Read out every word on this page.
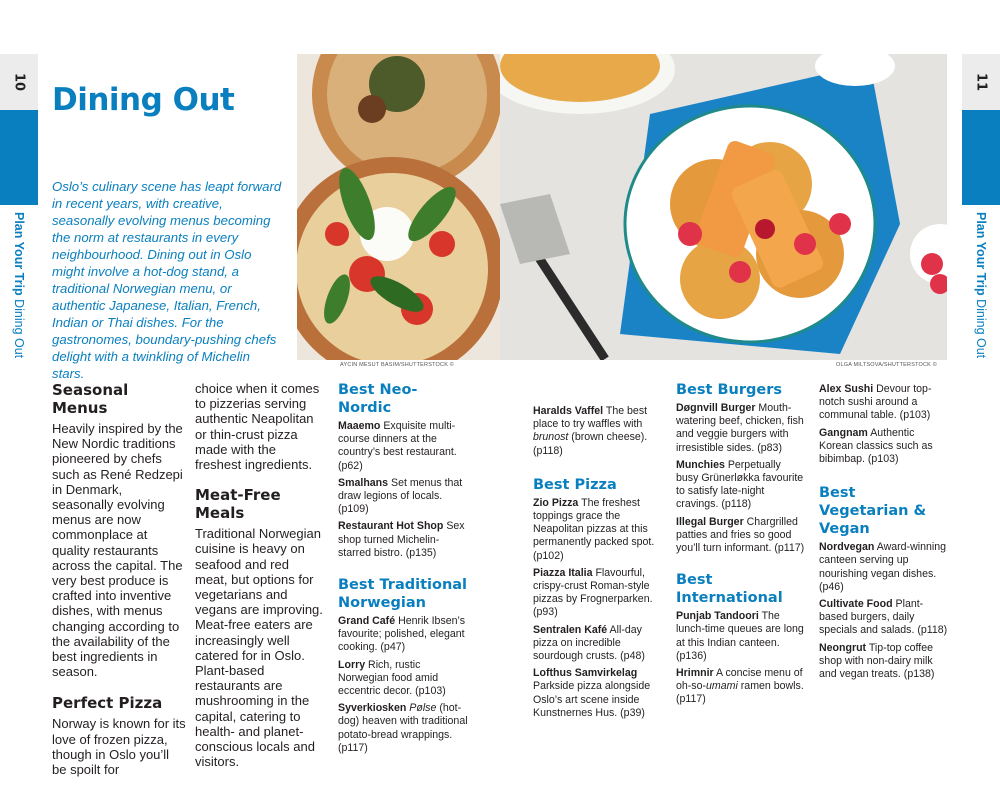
10
Plan Your Trip Dining Out
11
Plan Your Trip Dining Out
Dining Out

Oslo’s culinary scene has leapt forward in recent years, with creative, seasonally evolving menus becoming the norm at restaurants in every neighbourhood. Dining out in Oslo might involve a hot-dog stand, a traditional Norwegian menu, or authentic Japanese, Italian, French, Indian or Thai dishes. For the gastronomes, boundary-pushing chefs delight with a twinkling of Michelin stars.

AYCIN MESUT BASIM/SHUTTERSTOCK ©	OLGA MILTSOVA/SHUTTERSTOCK ©
Seasonal Menus

Heavily inspired by the New Nordic traditions pioneered by chefs such as René Redzepi in Denmark, seasonally evolving menus are now commonplace at quality restaurants across the capital. The very best produce is crafted into inventive dishes, with menus changing according to the availability of the best ingredients in season.

Perfect Pizza

Norway is known for its love of frozen pizza, though in Oslo you’ll be spoilt for

choice when it comes to pizzerias serving authentic Neapolitan or thin-crust pizza made with the freshest ingredients.

Meat-Free Meals

Traditional Norwegian cuisine is heavy on seafood and red meat, but options for vegetarians and vegans are improving. Meat-free eaters are increasingly well catered for in Oslo. Plant-based restaurants are mushrooming in the capital, catering to health- and planet-conscious locals and visitors.

Best Neo-Nordic

Maaemo Exquisite multi-course dinners at the country’s best restaurant. (p62)

Smalhans Set menus that draw legions of locals. (p109)

Restaurant Hot Shop Sex shop turned Michelin-starred bistro. (p135)

Best Traditional Norwegian

Grand Café Henrik Ibsen’s favourite; polished, elegant cooking. (p47)

Lorry Rich, rustic Norwegian food amid eccentric decor. (p103)

Syverkiosken Pølse (hot-dog) heaven with traditional potato-bread wrappings. (p117)

Haralds Vaffel The best place to try waffles with brunost (brown cheese). (p118)

Best Pizza

Zio Pizza The freshest toppings grace the Neapolitan pizzas at this permanently packed spot. (p102)

Piazza Italia Flavourful, crispy-crust Roman-style pizzas by Frognerparken. (p93)

Sentralen Kafé All-day pizza on incredible sourdough crusts. (p48)

Lofthus Samvirkelag Parkside pizza alongside Oslo’s art scene inside Kunstnernes Hus. (p39)

Best Burgers

Døgnvill Burger Mouth-watering beef, chicken, fish and veggie burgers with irresistible sides. (p83)

Munchies Perpetually busy Grünerløkka favourite to satisfy late-night cravings. (p118)

Illegal Burger Chargrilled patties and fries so good you’ll turn informant. (p117)

Best International

Punjab Tandoori The lunch-time queues are long at this Indian canteen. (p136)

Hrimnir A concise menu of oh-so-umami ramen bowls. (p117)

Alex Sushi Devour top-notch sushi around a communal table. (p103)

Gangnam Authentic Korean classics such as bibimbap. (p103)

Best Vegetarian & Vegan

Nordvegan Award-winning canteen serving up nourishing vegan dishes. (p46)

Cultivate Food Plant-based burgers, daily specials and salads. (p118)

Neongrut Tip-top coffee shop with non-dairy milk and vegan treats. (p138)
